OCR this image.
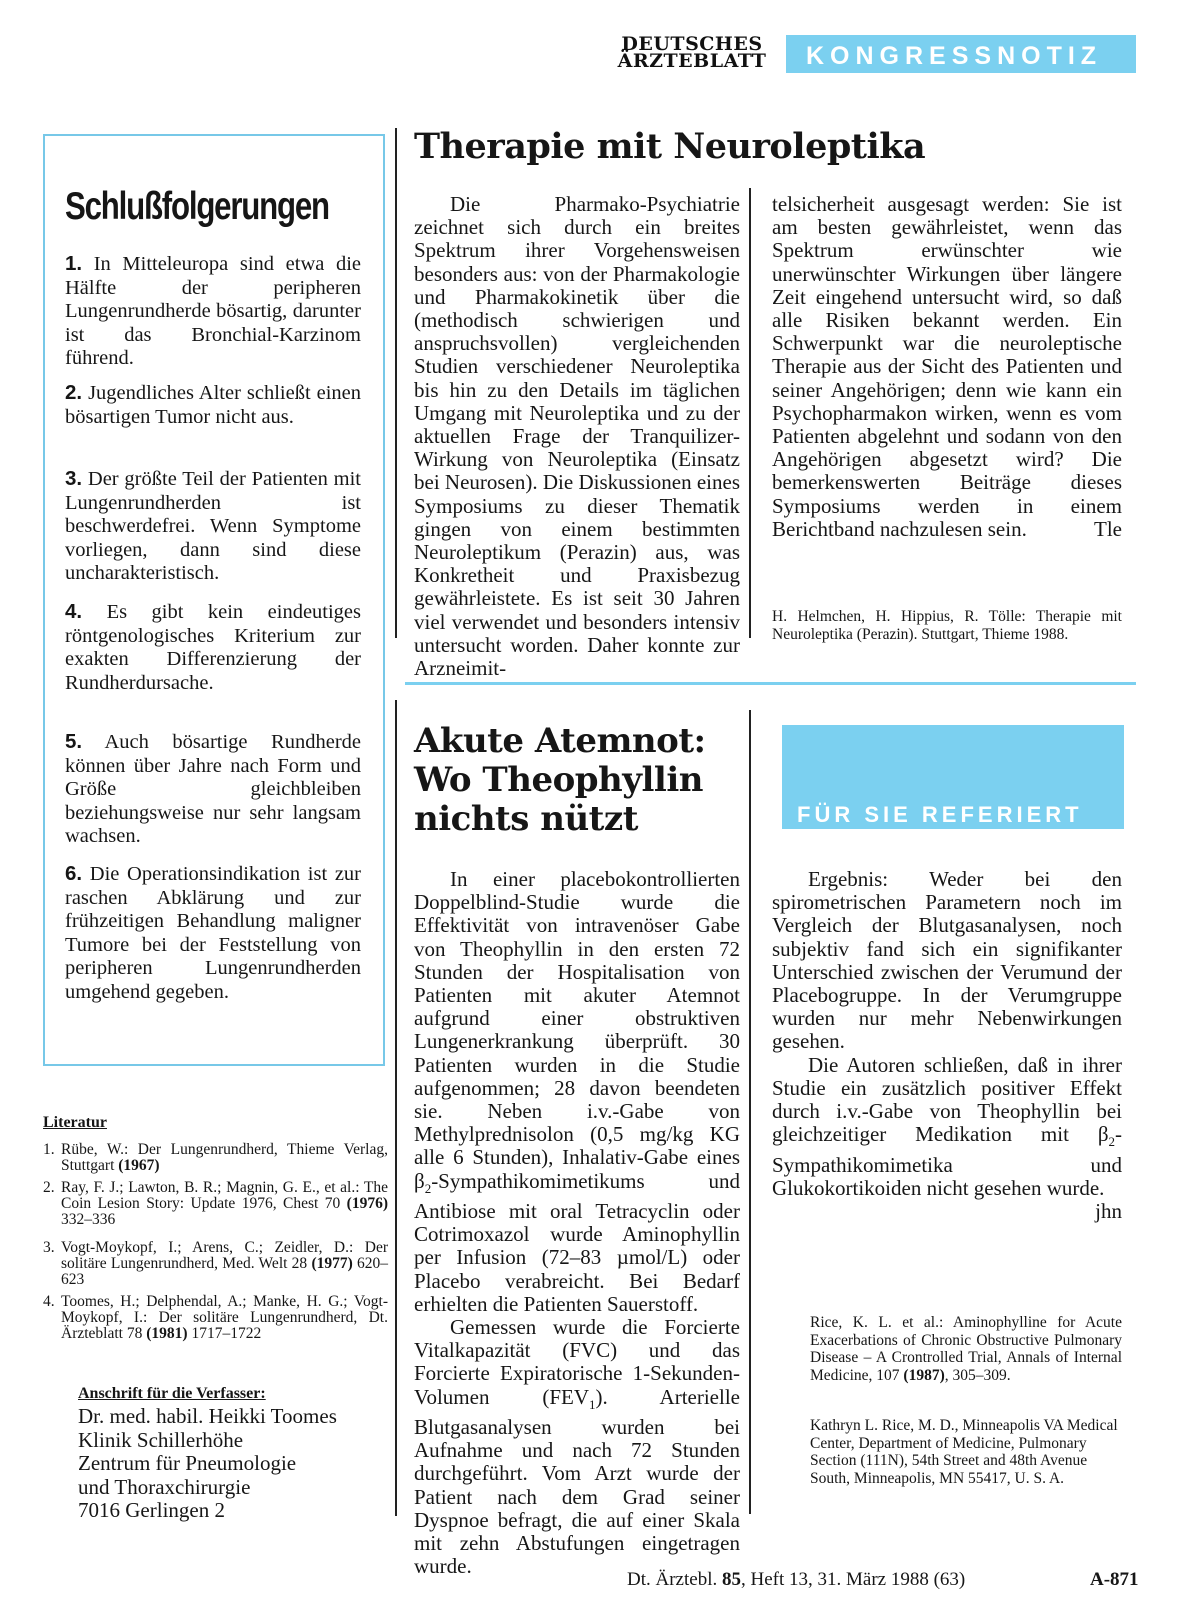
DEUTSCHES
ÄRZTEBLATT KONGRESSNOTIZ
Schlußfolgerungen
1. In Mitteleuropa sind etwa die Hälfte der peripheren Lungenrundherde bösartig, darunter ist das Bronchial-Karzinom führend.
2. Jugendliches Alter schließt einen bösartigen Tumor nicht aus.
3. Der größte Teil der Patienten mit Lungenrundherden ist beschwerdefrei. Wenn Symptome vorliegen, dann sind diese uncharakteristisch.
4. Es gibt kein eindeutiges röntgenologisches Kriterium zur exakten Differenzierung der Rundherdursache.
5. Auch bösartige Rundherde können über Jahre nach Form und Größe gleichbleiben beziehungsweise nur sehr langsam wachsen.
6. Die Operationsindikation ist zur raschen Abklärung und zur frühzeitigen Behandlung maligner Tumore bei der Feststellung von peripheren Lungenrundherden umgehend gegeben.
Literatur
1. Rübe, W.: Der Lungenrundherd, Thieme Verlag, Stuttgart (1967)
2. Ray, F. J.; Lawton, B. R.; Magnin, G. E., et al.: The Coin Lesion Story: Update 1976, Chest 70 (1976) 332–336
3. Vogt-Moykopf, I.; Arens, C.; Zeidler, D.: Der solitäre Lungenrundherd, Med. Welt 28 (1977) 620–623
4. Toomes, H.; Delphendal, A.; Manke, H. G.; Vogt-Moykopf, I.: Der solitäre Lungenrundherd, Dt. Ärzteblatt 78 (1981) 1717–1722
Anschrift für die Verfasser:
Dr. med. habil. Heikki Toomes
Klinik Schillerhöhe
Zentrum für Pneumologie
und Thoraxchirurgie
7016 Gerlingen 2
Therapie mit Neuroleptika
Die Pharmako-Psychiatrie zeichnet sich durch ein breites Spektrum ihrer Vorgehensweisen besonders aus: von der Pharmakologie und Pharmakokinetik über die (methodisch schwierigen und anspruchsvollen) vergleichenden Studien verschiedener Neuroleptika bis hin zu den Details im täglichen Umgang mit Neuroleptika und zu der aktuellen Frage der Tranquilizer-Wirkung von Neuroleptika (Einsatz bei Neurosen). Die Diskussionen eines Symposiums zu dieser Thematik gingen von einem bestimmten Neuroleptikum (Perazin) aus, was Konkretheit und Praxisbezug gewährleistete. Es ist seit 30 Jahren viel verwendet und besonders intensiv untersucht worden. Daher konnte zur Arzneimit-
telsicherheit ausgesagt werden: Sie ist am besten gewährleistet, wenn das Spektrum erwünschter wie unerwünschter Wirkungen über längere Zeit eingehend untersucht wird, so daß alle Risiken bekannt werden. Ein Schwerpunkt war die neuroleptische Therapie aus der Sicht des Patienten und seiner Angehörigen; denn wie kann ein Psychopharmakon wirken, wenn es vom Patienten abgelehnt und sodann von den Angehörigen abgesetzt wird? Die bemerkenswerten Beiträge dieses Symposiums werden in einem Berichtband nachzulesen sein.	Tle
H. Helmchen, H. Hippius, R. Tölle: Therapie mit Neuroleptika (Perazin). Stuttgart, Thieme 1988.
Akute Atemnot:
Wo Theophyllin
nichts nützt	FÜR SIE REFERIERT
In einer placebokontrollierten Doppelblind-Studie wurde die Effektivität von intravenöser Gabe von Theophyllin in den ersten 72 Stunden der Hospitalisation von Patienten mit akuter Atemnot aufgrund einer obstruktiven Lungenerkrankung überprüft. 30 Patienten wurden in die Studie aufgenommen; 28 davon beendeten sie. Neben i.v.-Gabe von Methylprednisolon (0,5 mg/kg KG alle 6 Stunden), Inhalativ-Gabe eines $\beta_2$-Sympathikomimetikums und Antibiose mit oral Tetracyclin oder Cotrimoxazol wurde Aminophyllin per Infusion (72–83 µmol/L) oder Placebo verabreicht. Bei Bedarf erhielten die Patienten Sauerstoff.
Gemessen wurde die Forcierte Vitalkapazität (FVC) und das Forcierte Expiratorische 1-Sekunden-Volumen $(FEV_1)$. Arterielle Blutgasanalysen wurden bei Aufnahme und nach 72 Stunden durchgeführt. Vom Arzt wurde der Patient nach dem Grad seiner Dyspnoe befragt, die auf einer Skala mit zehn Abstufungen eingetragen wurde.
Ergebnis: Weder bei den spirometrischen Parametern noch im Vergleich der Blutgasanalysen, noch subjektiv fand sich ein signifikanter Unterschied zwischen der Verumund der Placebogruppe. In der Verumgruppe wurden nur mehr Nebenwirkungen gesehen.
Die Autoren schließen, daß in ihrer Studie ein zusätzlich positiver Effekt durch i.v.-Gabe von Theophyllin bei gleichzeitiger Medikation mit $\beta_2$-Sympathikomimetika und Glukokortikoiden nicht gesehen wurde.
jhn
Rice, K. L. et al.: Aminophylline for Acute Exacerbations of Chronic Obstructive Pulmonary Disease – A Crontrolled Trial, Annals of Internal Medicine, 107 (1987), 305–309.
Kathryn L. Rice, M. D., Minneapolis VA Medical Center, Department of Medicine, Pulmonary Section (111N), 54th Street and 48th Avenue South, Minneapolis, MN 55417, U. S. A.
Dt. Ärztebl. 85, Heft 13, 31. März 1988 (63)	A-871
